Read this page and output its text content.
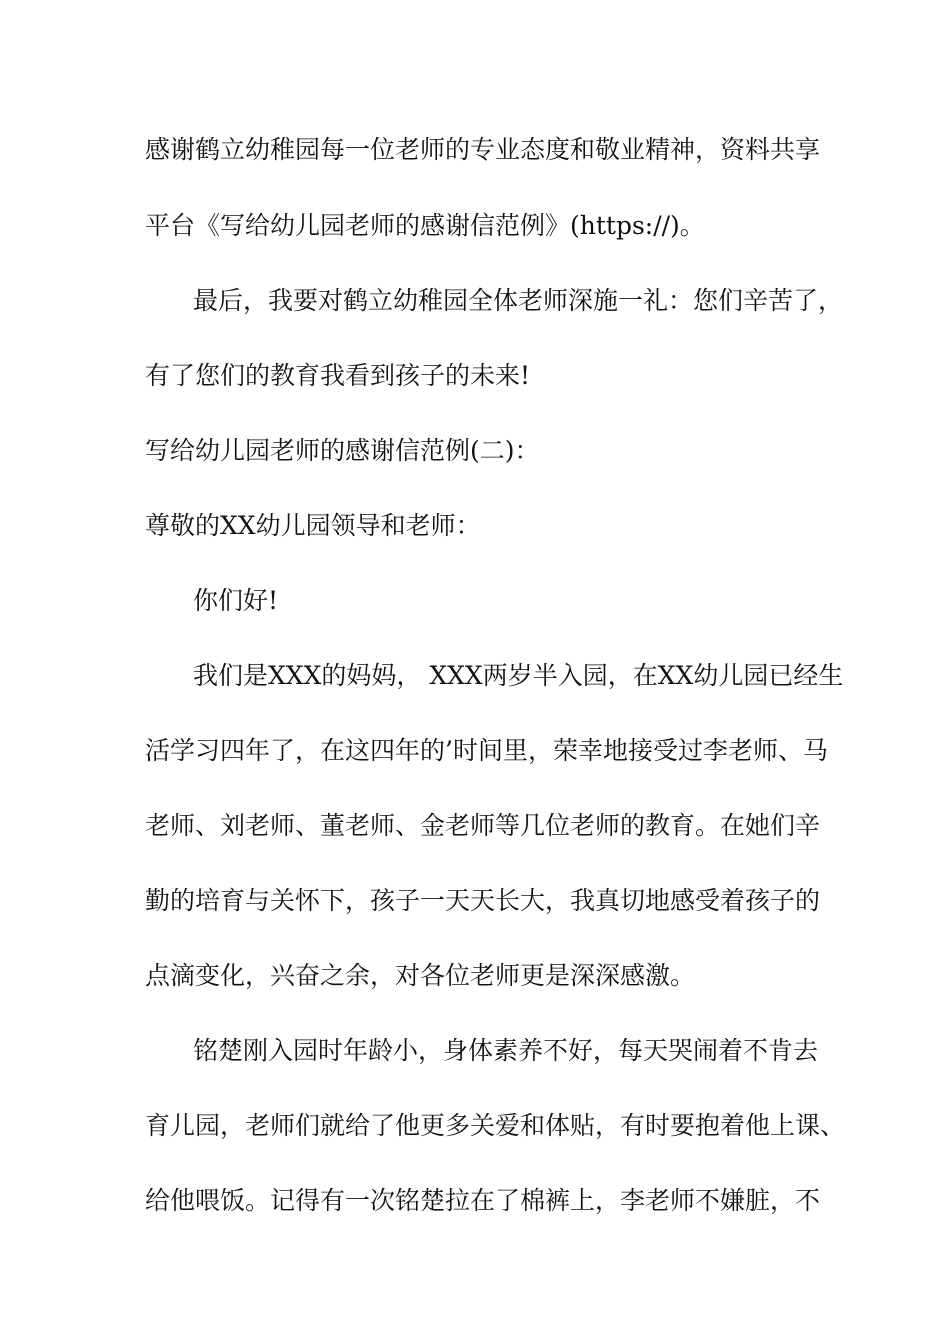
感谢鹤立幼稚园每一位老师的专业态度和敬业精神，资料共享
平台《写给幼儿园老师的感谢信范例》(https://)。
最后，我要对鹤立幼稚园全体老师深施一礼：您们辛苦了，
有了您们的教育我看到孩子的未来!
写给幼儿园老师的感谢信范例(二)：
尊敬的XX幼儿园领导和老师：
你们好!
我们是XXX的妈妈， XXX两岁半入园，在XX幼儿园已经生
活学习四年了，在这四年的’时间里，荣幸地接受过李老师、马
老师、刘老师、董老师、金老师等几位老师的教育。在她们辛
勤的培育与关怀下，孩子一天天长大，我真切地感受着孩子的
点滴变化，兴奋之余，对各位老师更是深深感激。
铭楚刚入园时年龄小，身体素养不好，每天哭闹着不肯去
育儿园，老师们就给了他更多关爱和体贴，有时要抱着他上课、
给他喂饭。记得有一次铭楚拉在了棉裤上，李老师不嫌脏，不
